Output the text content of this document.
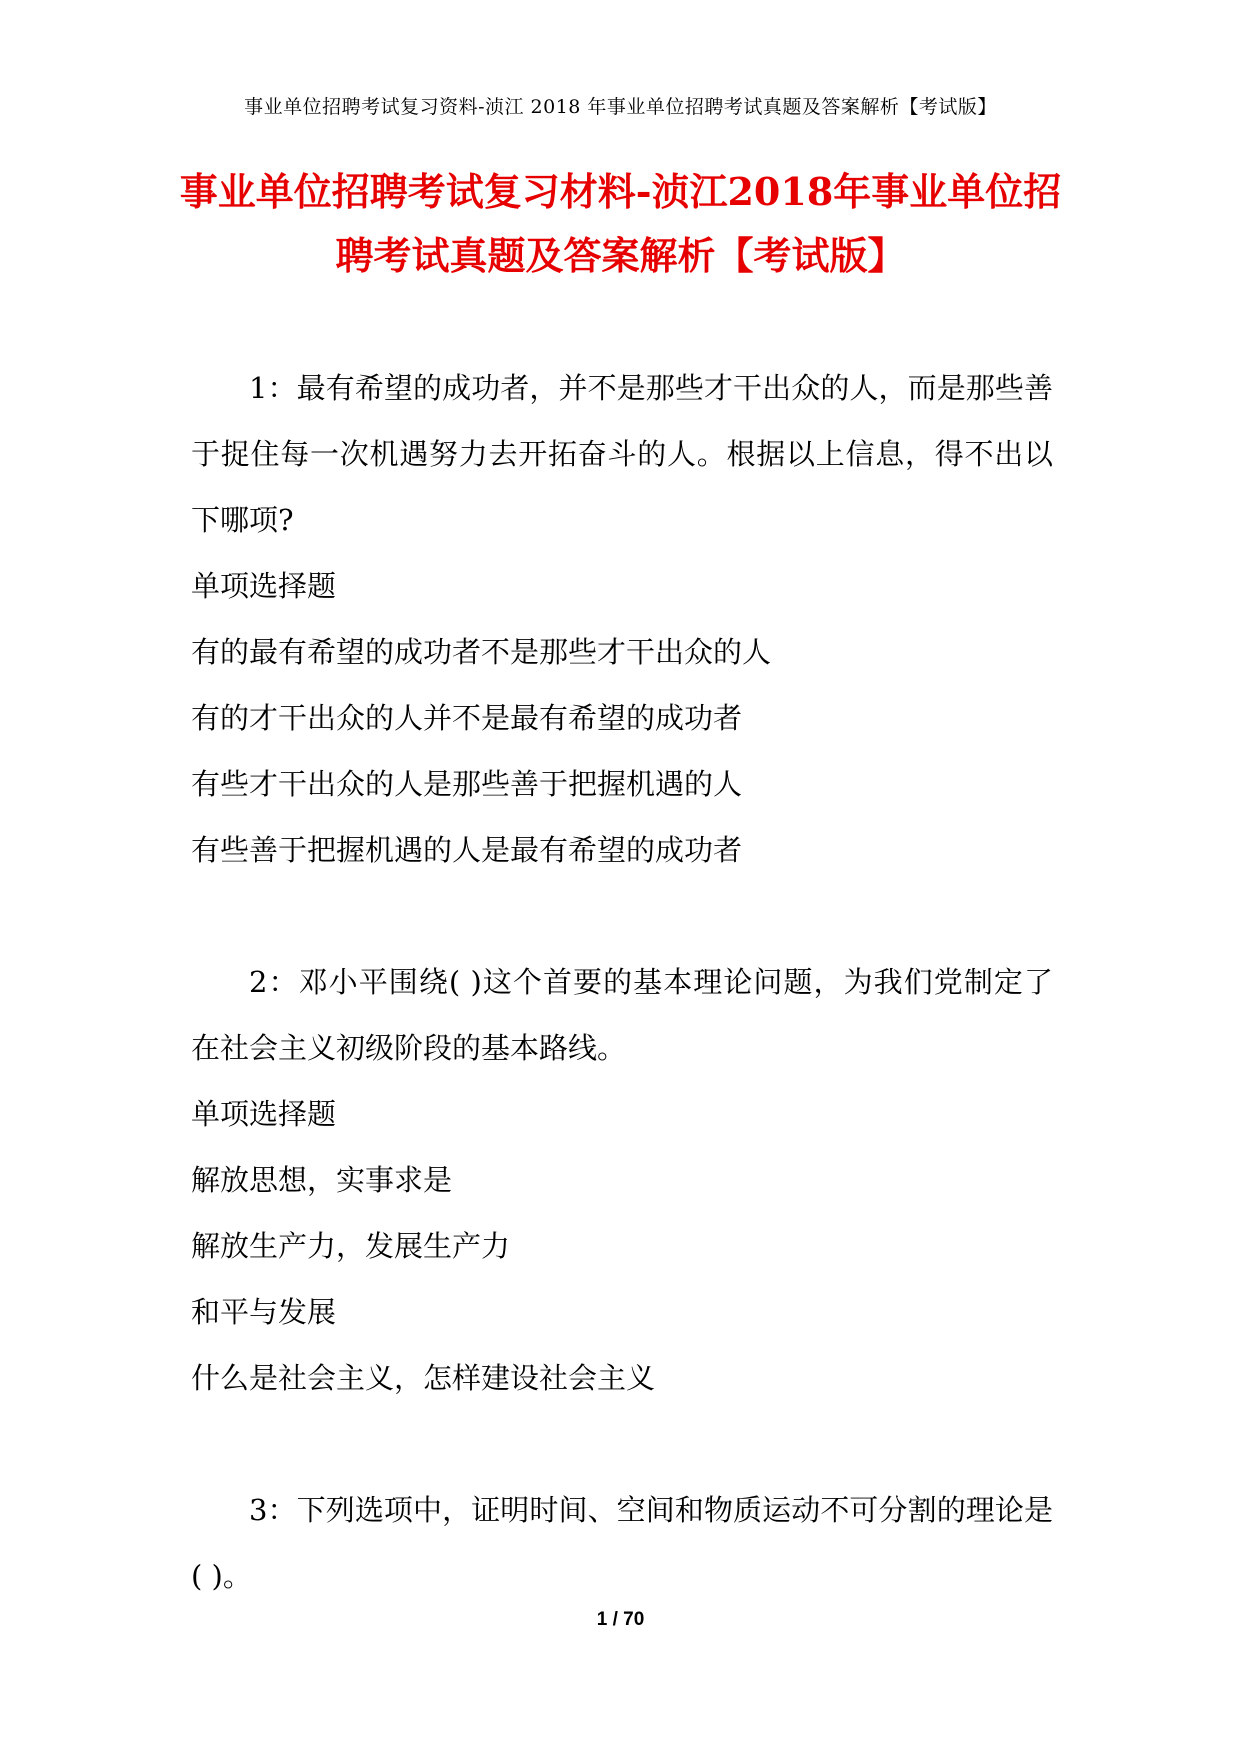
事业单位招聘考试复习资料-浈江 2018 年事业单位招聘考试真题及答案解析【考试版】
事业单位招聘考试复习材料-浈江2018年事业单位招
聘考试真题及答案解析【考试版】
1：最有希望的成功者，并不是那些才干出众的人，而是那些善于捉住每一次机遇努力去开拓奋斗的人。根据以上信息，得不出以下哪项?
单项选择题
有的最有希望的成功者不是那些才干出众的人
有的才干出众的人并不是最有希望的成功者
有些才干出众的人是那些善于把握机遇的人
有些善于把握机遇的人是最有希望的成功者
2：邓小平围绕( )这个首要的基本理论问题，为我们党制定了在社会主义初级阶段的基本路线。
单项选择题
解放思想，实事求是
解放生产力，发展生产力
和平与发展
什么是社会主义，怎样建设社会主义
3：下列选项中，证明时间、空间和物质运动不可分割的理论是( )。
1 / 70
